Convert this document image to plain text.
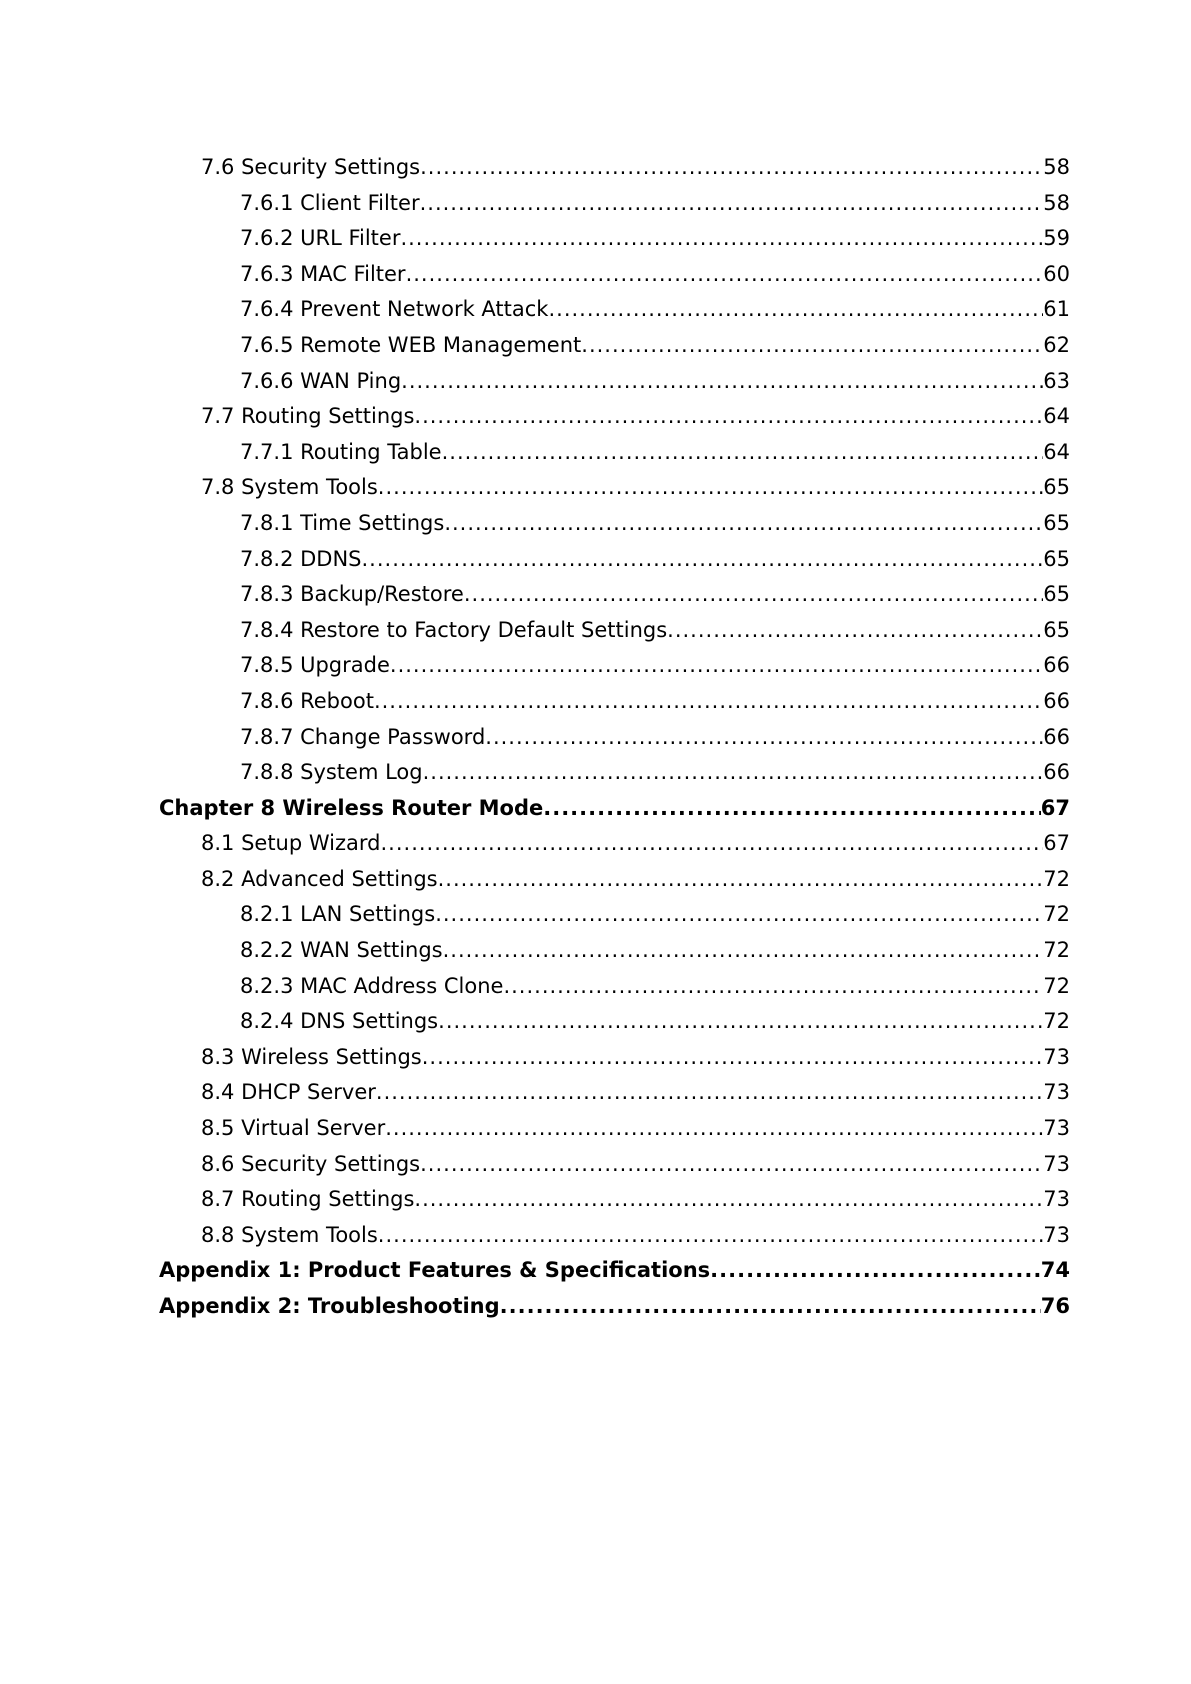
7.6 Security Settings .....	58
7.6.1 Client Filter .....	58
7.6.2 URL Filter .....	59
7.6.3 MAC Filter .....	60
7.6.4 Prevent Network Attack .....	61
7.6.5 Remote WEB Management .....	62
7.6.6 WAN Ping .....	63
7.7 Routing Settings .....	64
7.7.1 Routing Table .....	64
7.8 System Tools .....	65
7.8.1 Time Settings .....	65
7.8.2 DDNS .....	65
7.8.3 Backup/Restore .....	65
7.8.4 Restore to Factory Default Settings .....	65
7.8.5 Upgrade .....	66
7.8.6 Reboot .....	66
7.8.7 Change Password .....	66
7.8.8 System Log .....	66
Chapter 8 Wireless Router Mode .....	67
8.1 Setup Wizard .....	67
8.2 Advanced Settings .....	72
8.2.1 LAN Settings .....	72
8.2.2 WAN Settings .....	72
8.2.3 MAC Address Clone .....	72
8.2.4 DNS Settings .....	72
8.3 Wireless Settings .....	73
8.4 DHCP Server .....	73
8.5 Virtual Server .....	73
8.6 Security Settings .....	73
8.7 Routing Settings .....	73
8.8 System Tools .....	73
Appendix 1: Product Features & Specifications .....	74
Appendix 2: Troubleshooting .....	76
